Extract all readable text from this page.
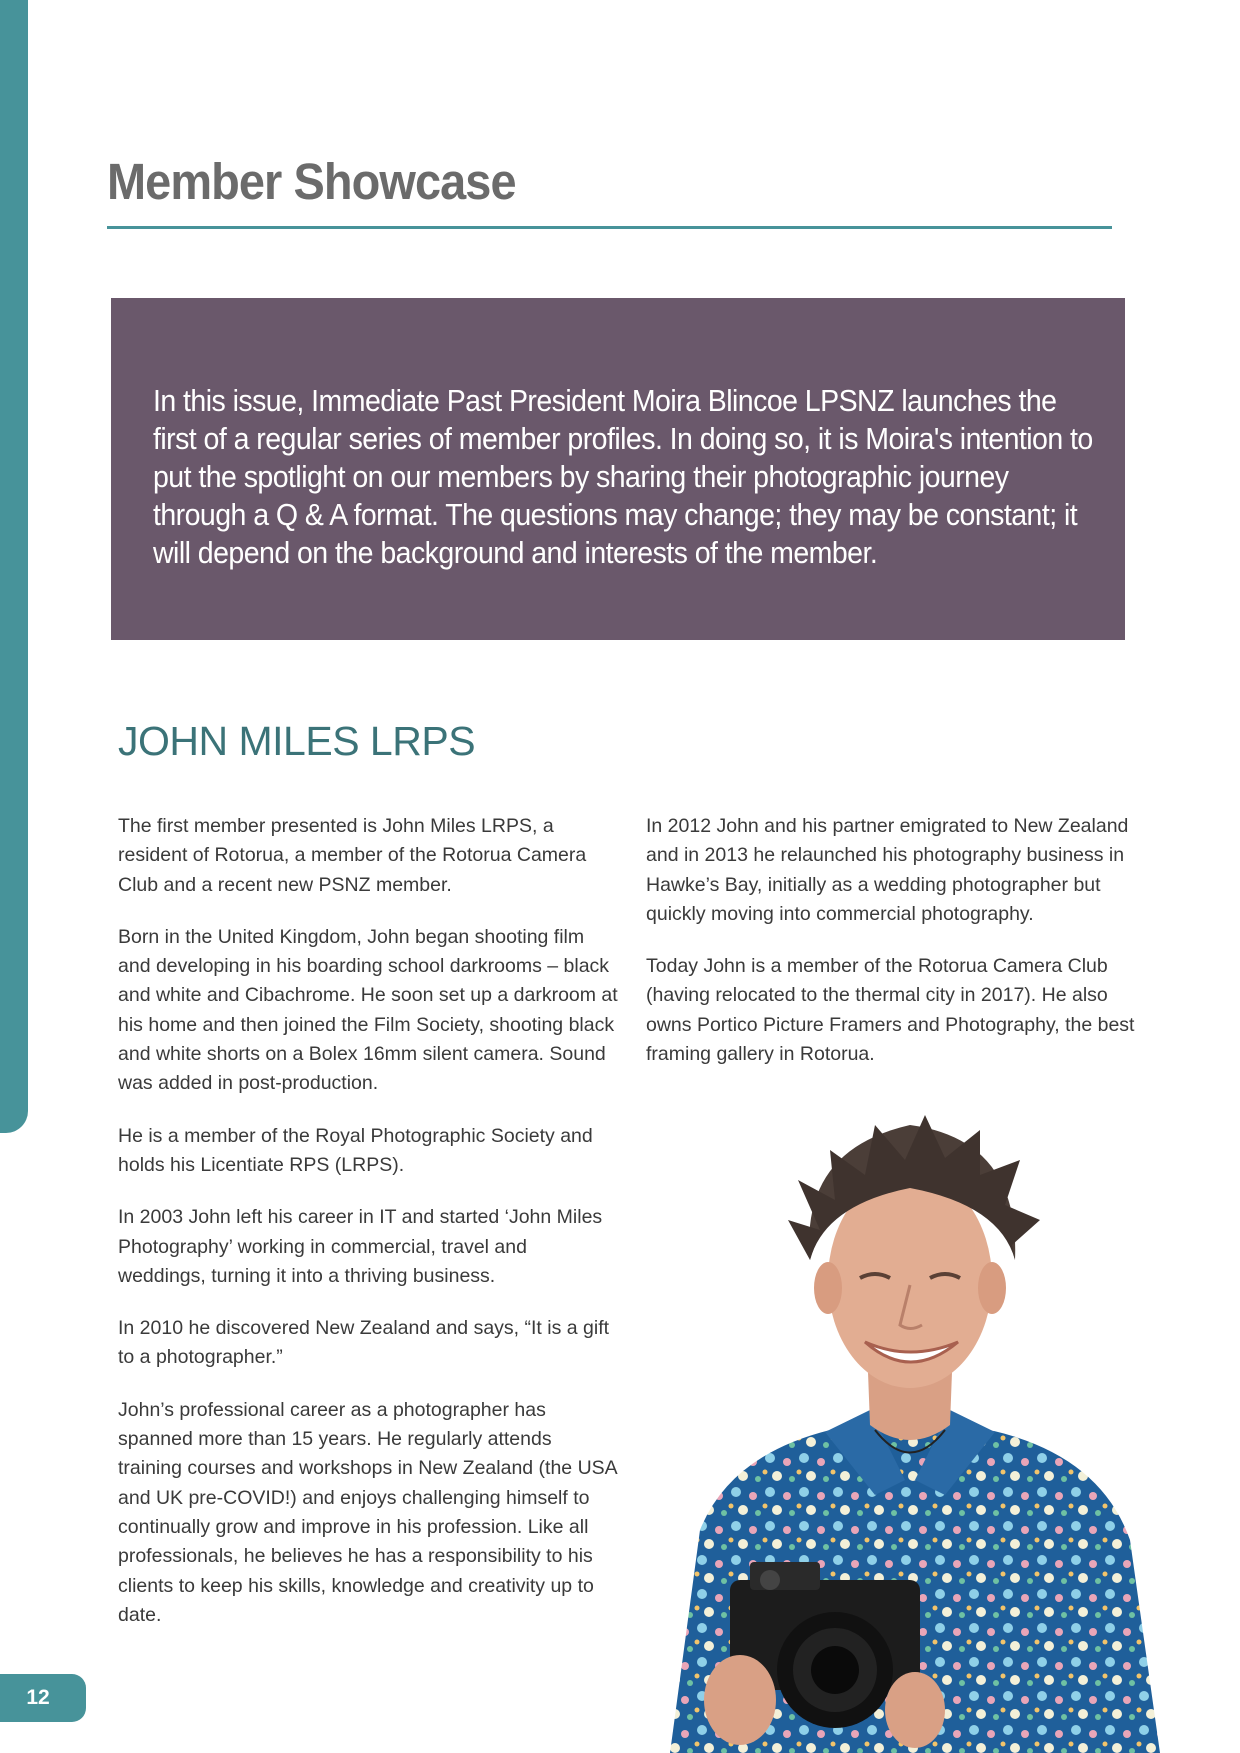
Member Showcase

In this issue, Immediate Past President Moira Blincoe LPSNZ launches the first of a regular series of member profiles. In doing so, it is Moira's intention to put the spotlight on our members by sharing their photographic journey through a Q & A format. The questions may change; they may be constant; it will depend on the background and interests of the member.

JOHN MILES LRPS

The first member presented is John Miles LRPS, a resident of Rotorua, a member of the Rotorua Camera Club and a recent new PSNZ member.

Born in the United Kingdom, John began shooting film and developing in his boarding school darkrooms – black and white and Cibachrome. He soon set up a darkroom at his home and then joined the Film Society, shooting black and white shorts on a Bolex 16mm silent camera. Sound was added in post-production.

He is a member of the Royal Photographic Society and holds his Licentiate RPS (LRPS).

In 2003 John left his career in IT and started ‘John Miles Photography’ working in commercial, travel and weddings, turning it into a thriving business.

In 2010 he discovered New Zealand and says, “It is a gift to a photographer.”

John’s professional career as a photographer has spanned more than 15 years. He regularly attends training courses and workshops in New Zealand (the USA and UK pre-COVID!) and enjoys challenging himself to continually grow and improve in his profession. Like all professionals, he believes he has a responsibility to his clients to keep his skills, knowledge and creativity up to date.

In 2012 John and his partner emigrated to New Zealand and in 2013 he relaunched his photography business in Hawke’s Bay, initially as a wedding photographer but quickly moving into commercial photography.

Today John is a member of the Rotorua Camera Club (having relocated to the thermal city in 2017). He also owns Portico Picture Framers and Photography, the best framing gallery in Rotorua.

12
